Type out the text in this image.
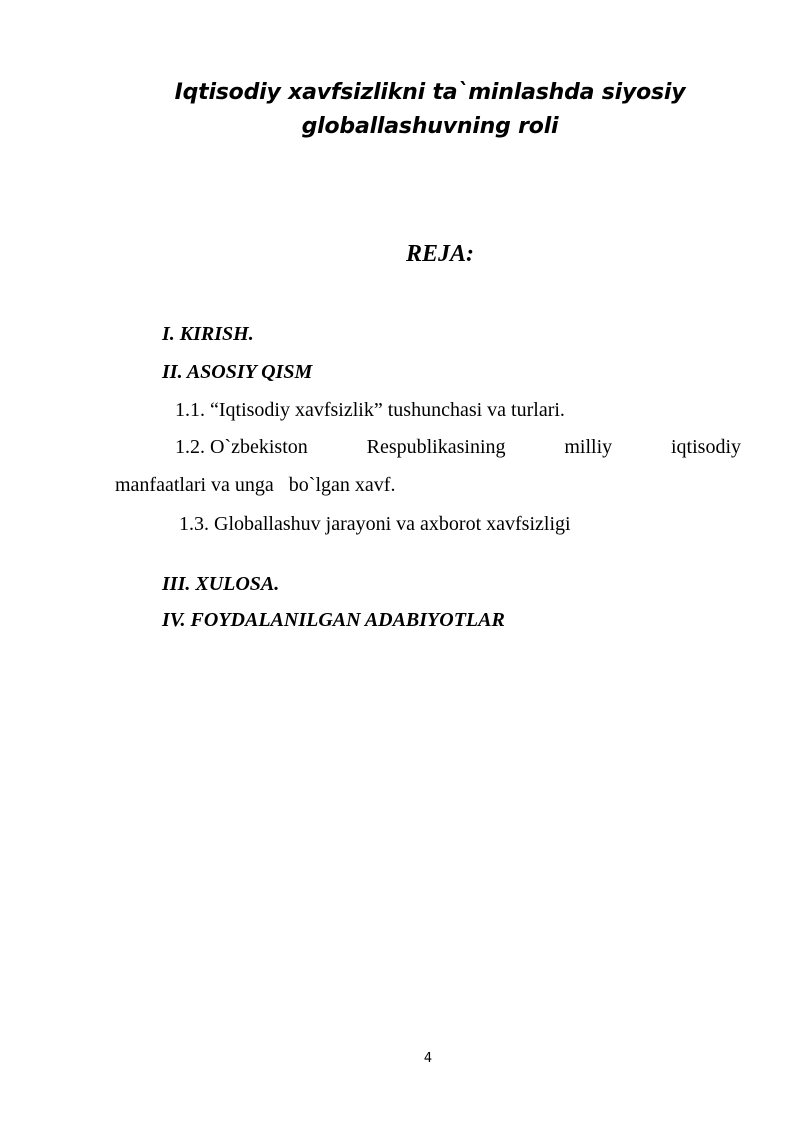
Iqtisodiy xavfsizlikni ta`minlashda siyosiy
globallashuvning roli
REJA:
I. KIRISH.
II. ASOSIY QISM
1.1. “Iqtisodiy xavfsizlik” tushunchasi va turlari.
1.2. O`zbekiston	Respublikasining	milliy	iqtisodiy
manfaatlari va unga   bo`lgan xavf.
1.3. Globallashuv jarayoni va axborot xavfsizligi
III. XULOSA.
IV. FOYDALANILGAN ADABIYOTLAR
4
